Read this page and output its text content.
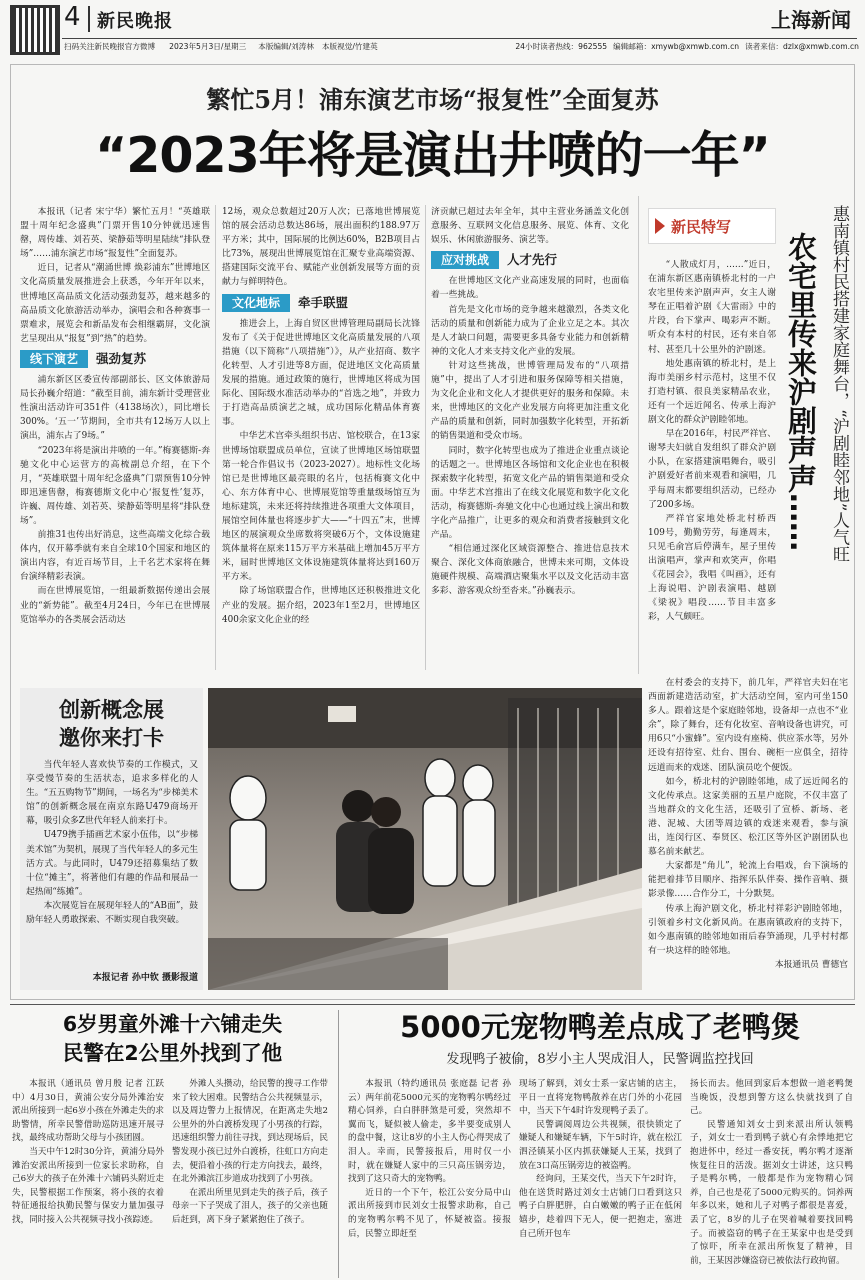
4 新民晚报	上海新闻
扫码关注新民晚报官方微博 2023年5月3日/星期三 本版编辑/刘涛林 本版视觉/竹建英	24小时读者热线：962555 编辑邮箱：xmywb@xmwb.com.cn 读者来信：dzlx@xmwb.com.cn
繁忙5月！浦东演艺市场“报复性”全面复苏
“2023年将是演出井喷的一年”

本报讯（记者 宋宁华）繁忙五月！“英雄联盟十周年纪念盛典”门票开售10分钟就迅速售罄，周传雄、刘若英、梁静茹等明星陆续“排队登场”……浦东演艺市场“报复性”全面复苏。

近日，记者从“潮涌世博 焕彩浦东”世博地区文化高质量发展推进会上获悉，今年开年以来，世博地区高品质文化活动强劲复苏，越来越多的高品质文化旅游活动举办，演唱会和各种赛事一票难求，展览会和新品发布会相继霸屏，文化演艺呈现出从“报复”到“热”的趋势。

线下演艺	强劲复苏

浦东新区区委宣传部副部长、区文体旅游局局长孙巍介绍道：“截至目前，浦东新计受理营业性演出活动许可351件（4138场次），同比增长300%。‘五一’节期间，全市共有12场万人以上演出，浦东占了9场。”

“2023年将是演出井喷的一年。”梅赛德斯-奔驰文化中心运营方的高梳副总介绍，在下个月，“英雄联盟十周年纪念盛典”门票预售10分钟即迅速售罄，梅赛德斯文化中心‘报复性’复苏，许巍、周传雄、刘若英、梁静茹等明星将“排队登场”。

前推31也传出好消息，这些高端文化综合载体内，仅开幕季就有来自全球10个国家和地区的演出内容，有近百场节目，上千名艺术家将在舞台演绎精彩表演。

而在世博展览馆，一组最新数据传递出会展业的“新势能”。截至4月24日，今年已在世博展览馆举办的各类展会活动达

12场，观众总数超过20万人次；已落地世博展览馆的展会活动总数达86场，展出面积约188.97万平方米；其中，国际展的比例达60%，B2B项目占比73%，展现出世博展览馆在汇聚专业高端资源、搭建国际交流平台、赋能产业创新发展等方面的贡献力与鲜明特色。

文化地标	牵手联盟

推进会上，上海自贸区世博管理局副局长沈锋发布了《关于促进世博地区文化高质量发展的八项措施（以下简称“八项措施”）》，从产业招商、数字化转型、人才引进等8方面，促进地区文化高质量发展的措施。通过政策的施行，世博地区将成为国际化、国际级水准活动举办的“首选之地”，并致力于打造高品质演艺之城，成功国际化精品体育赛事。

中华艺术宫牵头组织书店、馆校联合，在13家世博场馆联盟成员单位，宣读了世博地区场馆联盟第一轮合作倡议书（2023-2027）。地标性文化场馆已是世博地区最亮眼的名片，包括梅赛文化中心、东方体育中心、世博展览馆等重量级场馆互为地标建筑，未来还将持续推进各项重大文体项目，展馆空间体量也将逐步扩大——“十四五”末，世博地区的展演观众坐席数将突破6万个，文体设施建筑体量将在原来115万平方米基础上增加45万平方米，届时世博地区文体设施建筑体量将达到160万平方米。

除了场馆联盟合作，世博地区还积极推进文化产业的发展。据介绍，2023年1至2月，世博地区400余家文化企业的经

济贡献已超过去年全年，其中主营业务涵盖文化创意服务、互联网文化信息服务、展览、体育、文化娱乐、休闲旅游服务、演艺等。

应对挑战	人才先行

在世博地区文化产业高速发展的同时，也面临着一些挑战。

首先是文化市场的竞争越来越激烈，各类文化活动的质量和创新能力成为了企业立足之本。其次是人才缺口问题，需要更多具备专业能力和创新精神的文化人才来支持文化产业的发展。

针对这些挑战，世博管理局发布的“八项措施”中，提出了人才引进和服务保障等相关措施，为文化企业和文化人才提供更好的服务和保障。未来，世博地区的文化产业发展方向将更加注重文化产品的质量和创新，同时加强数字化转型，开拓新的销售渠道和受众市场。

同时，数字化转型也成为了推进企业重点谈论的话题之一。世博地区各场馆和文化企业也在积极探索数字化转型，拓宽文化产品的销售渠道和受众面。中华艺术宫推出了在线文化展览和数字化文化活动，梅赛德斯-奔驰文化中心也通过线上演出和数字化产品推广，让更多的观众和消费者接触到文化产品。

“相信通过深化区域资源整合、推进信息技术聚合、深化文体商旅融合，世博未来可期，文体设施硬件规模、高端酒店聚集水平以及文化活动丰富多彩、游客观众纷至沓来。”孙巍表示。

新民特写	惠南镇村民搭建家庭舞台，“沪剧睦邻地”人气旺
农宅里传来沪剧声声……

“人散成灯月，……”近日，在浦东新区惠南镇桥北村的一户农宅里传来沪剧声声，女主人谢琴在正唱着沪剧《大雷雨》中的片段，台下掌声、喝彩声不断。听众有本村的村民，还有来自邻村、甚至几十公里外的沪剧迷。

地处惠南镇的桥北村，是上海市美丽乡村示范村，这里不仅打造村镇、很良美家精品农业，还有一个远近闻名、传承上海沪剧文化的群众沪剧睦邻地。

早在2016年，村民严祥官、谢琴夫妇就自发组织了群众沪剧小队，在家搭建演唱舞台，吸引沪剧爱好者前来观看和演唱，几乎每周末都要组织活动，已经办了200多场。

严祥官家地处桥北村桥西109号，勤勤劳劳，每逢周末，只见毛俞宫后停满车，屋子里传出演唱声，掌声和欢笑声，你唱《花园会》，我唱《叫画》，还有上海说唱、沪剧表演唱、越剧《梁祝》唱段……节目丰富多彩，人气颇旺。

在村委会的支持下，前几年，严祥官夫妇在宅西面新建造活动室，扩大活动空间，室内可坐150多人。跟着这是个家庭睦邻地，设备却一点也不“业余”，除了舞台，还有化妆室、音响设备也讲究，可用6只“小蜜蜂”。室内设有座椅、供应茶水等，另外还设有招待室、灶台、围台、碗柜一应俱全，招待远道而来的戏迷、团队演员吃个便饭。

如今，桥北村的沪剧睦邻地，成了远近闻名的文化传承点。这家美丽的五星户庭院，不仅丰富了当地群众的文化生活，还吸引了宣桥、新场、老港、泥城、大团等周边镇的戏迷来观看，参与演出，连闵行区、奉贤区、松江区等外区沪剧团队也慕名前来献艺。

大家都是“角儿”，轮流上台唱戏，台下演场的能把着排节目顺序、指挥乐队伴奏、操作音响、摄影录像……合作分工，十分默契。

传承上海沪剧文化，桥北村祥彩沪剧睦邻地，引领着乡村文化新风尚。在惠南镇政府的支持下，如今惠南镇的睦邻地如雨后春笋涌现，几乎村村都有一块这样的睦邻地。

本报通讯员 曹德官

创新概念展
邀你来打卡

当代年轻人喜欢快节奏的工作模式，又享受慢节奏的生活状态，追求多样化的人生。“五五购物节”期间，一场名为“步梯美术馆”的创新概念展在南京东路U479商场开幕，吸引众多Z世代年轻人前来打卡。

U479携手插画艺术家小伍伟，以“步梯美术馆”为契机，展现了当代年轻人的多元生活方式。与此同时，U479还招募集结了数十位“摊主”，将著他们有趣的作品和展品一起热闹“练摊”。

本次展览旨在展现年轻人的“AB面”，鼓励年轻人勇敢探索、不断实现自我突破。

本报记者 孙中钦 摄影报道
6岁男童外滩十六铺走失
民警在2公里外找到了他

本报讯（通讯员 曾月殷 记者 江跃中）4月30日，黄浦公安分局外滩治安派出所接到一起6岁小孩在外滩走失的求助警情，所幸民警借助巡防迅速开展寻找，最终成功帮助父母与小孩团圆。

当天中午12时30分许，黄浦分局外滩治安派出所接到一位家长求助称，自己6岁大的孩子在外滩十六铺码头附近走失，民警根据工作预案，将小孩的衣着特征通报给执勤民警与保安力量加强寻找，同时接入公共视频寻找小孩踪迹。

外滩人头攒动，给民警的搜寻工作带来了较大困难。民警结合公共视频显示，以及周边警力上报情况，在距离走失地2公里外的外白渡桥发现了小男孩的行踪，迅速组织警力前往寻找，到达现场后，民警发现小孩已过外白渡桥，往虹口方向走去，便沿着小孩的行走方向找去，最终，在北外滩滨江步道成功找到了小男孩。

在派出所里见到走失的孩子后，孩子母亲一下子哭成了泪人，孩子的父亲也随后赶到，离下身子紧紧抱住了孩子。

5000元宠物鸭差点成了老鸭煲
发现鸭子被偷，8岁小主人哭成泪人，民警调监控找回

本报讯（特约通讯员 张庭磊 记者 孙云）两年前花5000元买的宠物鸭尔鸭经过精心饲养，白白胖胖煞是可爱，突然却不翼而飞，疑似被人偷走，多半要变成别人的盘中餐，这让8岁的小主人伤心得哭成了泪人。幸而，民警接报后，用时仅一小时，就在嫌疑人家中的三只高压锅旁边，找到了这只奇大的宠物鸭。

近日的一个下午，松江公安分局中山派出所接到市民刘女士报警求助称，自己的宠物鸭尔鸭不见了，怀疑被盗。接报后，民警立即赶至

现场了解到，刘女士系一家店铺的店主，平日一直将宠物鸭散养在店门外的小花园中，当天下午4时许发现鸭子丢了。

民警调阅周边公共视频，很快锁定了嫌疑人和嫌疑车辆，下午5时许，就在松江泗泾镇某小区内抓获嫌疑人王某，找到了放在3口高压锅旁边的被盗鸭。

经询问，王某交代，当天下午2时许，他在送货时路过刘女士店铺门口看到这只鸭子白胖肥胖，白白嫩嫩的鸭子正在低闲嬉步，趁着四下无人，便一把抱走，塞进自己所开包车

扬长而去。他回到家后本想做一道老鸭煲当晚饭，没想到警方这么快就找到了自己。

民警通知刘女士到来派出所认领鸭子，刘女士一看到鸭子就心有余悸地把它抱进怀中，经过一番安抚，鸭尔鸭才逐渐恢复往日的活泼。据刘女士讲述，这只鸭子是鸭尔鸭，一般都是作为宠物精心饲养，自己也是花了5000元购买的。饲养两年多以来，她和儿子对鸭子都很是喜爱，丢了它，8岁的儿子在哭着喊着要找回鸭子。而被盗窃的鸭子在王某家中也是受到了惊吓，所幸在派出所恢复了精神，目前，王某因涉嫌盗窃已被依法行政拘留。
